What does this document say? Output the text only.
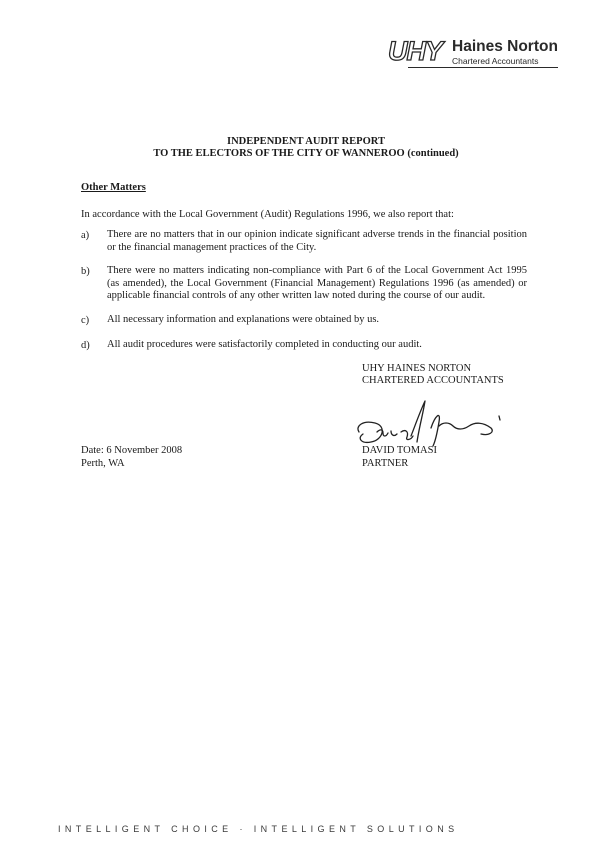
UHY Haines Norton
Chartered Accountants
INDEPENDENT AUDIT REPORT
TO THE ELECTORS OF THE CITY OF WANNEROO (continued)
Other Matters
In accordance with the Local Government (Audit) Regulations 1996, we also report that:
a) There are no matters that in our opinion indicate significant adverse trends in the financial position or the financial management practices of the City.
b) There were no matters indicating non-compliance with Part 6 of the Local Government Act 1995 (as amended), the Local Government (Financial Management) Regulations 1996 (as amended) or applicable financial controls of any other written law noted during the course of our audit.
c) All necessary information and explanations were obtained by us.
d) All audit procedures were satisfactorily completed in conducting our audit.
UHY HAINES NORTON
CHARTERED ACCOUNTANTS
Date: 6 November 2008
Perth, WA
DAVID TOMASI
PARTNER
INTELLIGENT CHOICE · INTELLIGENT SOLUTIONS
